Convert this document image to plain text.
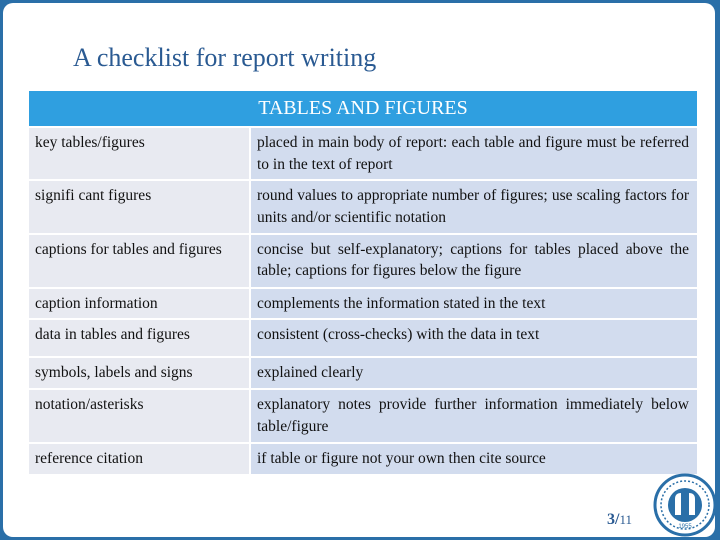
A checklist for report writing
TABLES AND FIGURES
key tables/figures	placed in main body of report: each table and figure must be referred to in the text of report
signifi cant figures	round values to appropriate number of figures; use scaling factors for units and/or scientific notation
captions for tables and figures	concise but self-explanatory; captions for tables placed above the table; captions for figures below the figure
caption information	complements the information stated in the text
data in tables and figures	consistent (cross-checks) with the data in text
symbols, labels and signs	explained clearly
notation/asterisks	explanatory notes provide further information immediately below table/figure
reference citation	if table or figure not your own then cite source
3/11	1955
